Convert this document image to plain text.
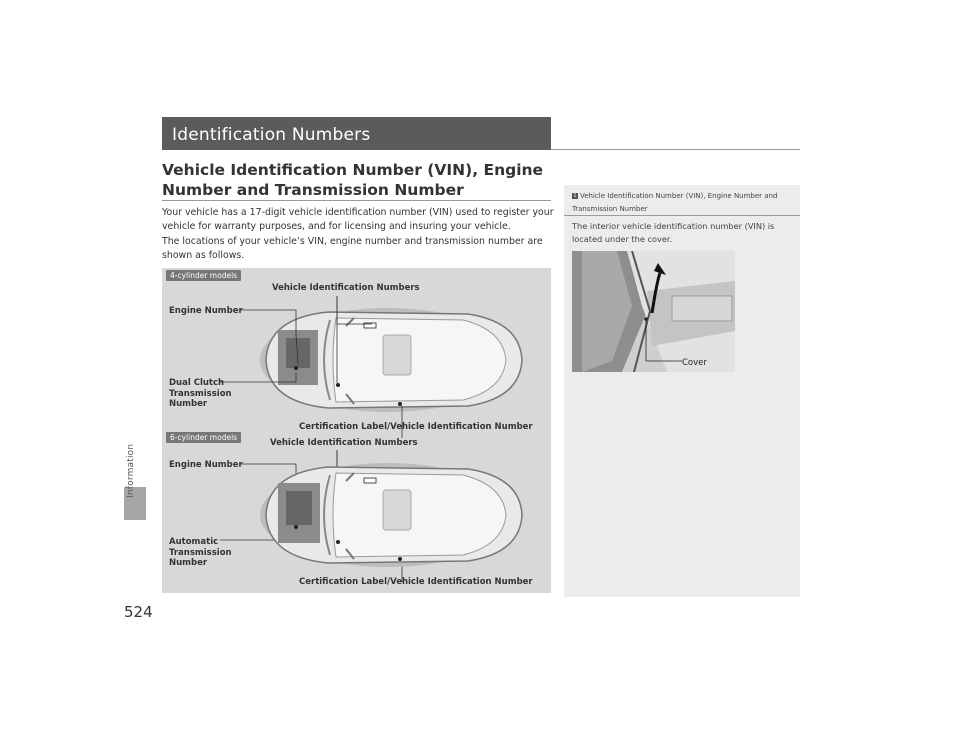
Information
524
Identification Numbers
Vehicle Identification Number (VIN), Engine Number and Transmission Number
Your vehicle has a 17-digit vehicle identification number (VIN) used to register your vehicle for warranty purposes, and for licensing and insuring your vehicle.
The locations of your vehicle’s VIN, engine number and transmission number are shown as follows.
1 Vehicle Identification Number (VIN), Engine Number and Transmission Number
The interior vehicle identification number (VIN) is located under the cover.
Cover
4-cylinder models
Vehicle Identification Numbers
Engine Number
Dual Clutch Transmission Number
Certification Label/Vehicle Identification Number
6-cylinder models
Vehicle Identification Numbers
Engine Number
Automatic Transmission Number
Certification Label/Vehicle Identification Number
